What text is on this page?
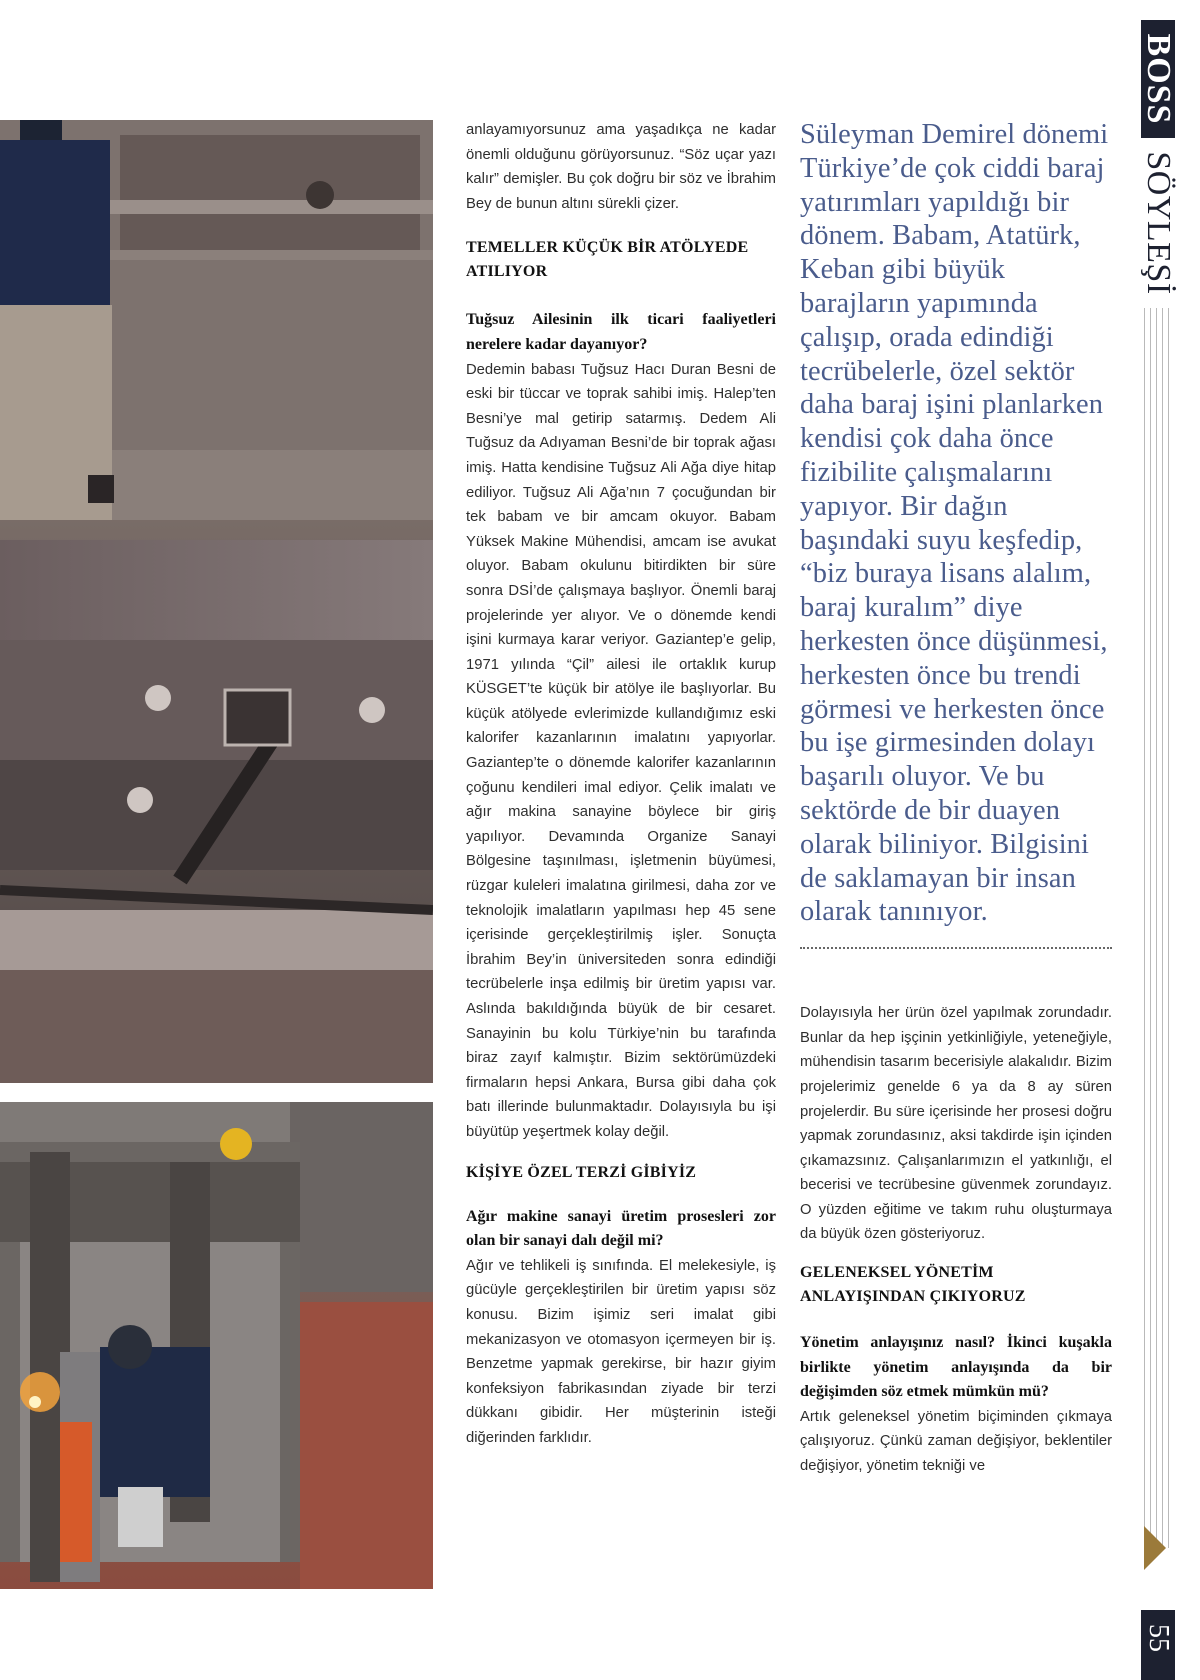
anlayamıyorsunuz ama yaşadıkça ne kadar önemli olduğunu görüyorsunuz. “Söz uçar yazı kalır” demişler. Bu çok doğru bir söz ve İbrahim Bey de bunun altını sürekli çizer.

TEMELLER KÜÇÜK BİR ATÖLYEDE ATILIYOR

Tuğsuz Ailesinin ilk ticari faaliyetleri nerelere kadar dayanıyor?

Dedemin babası Tuğsuz Hacı Duran Besni de eski bir tüccar ve toprak sahibi imiş. Halep’ten Besni’ye mal getirip satarmış. Dedem Ali Tuğsuz da Adıyaman Besni’de bir toprak ağası imiş. Hatta kendisine Tuğsuz Ali Ağa diye hitap ediliyor. Tuğsuz Ali Ağa’nın 7 çocuğundan bir tek babam ve bir amcam okuyor. Babam Yüksek Makine Mühendisi, amcam ise avukat oluyor. Babam okulunu bitirdikten bir süre sonra DSİ’de çalışmaya başlıyor. Önemli baraj projelerinde yer alıyor. Ve o dönemde kendi işini kurmaya karar veriyor. Gaziantep’e gelip, 1971 yılında “Çil” ailesi ile ortaklık kurup KÜSGET’te küçük bir atölye ile başlıyorlar. Bu küçük atölyede evlerimizde kullandığımız eski kalorifer kazanlarının imalatını yapıyorlar. Gaziantep’te o dönemde kalorifer kazanlarının çoğunu kendileri imal ediyor. Çelik imalatı ve ağır makina sanayine böylece bir giriş yapılıyor. Devamında Organize Sanayi Bölgesine taşınılması, işletmenin büyümesi, rüzgar kuleleri imalatına girilmesi, daha zor ve teknolojik imalatların yapılması hep 45 sene içerisinde gerçekleştirilmiş işler. Sonuçta İbrahim Bey’in üniversiteden sonra edindiği tecrübelerle inşa edilmiş bir üretim yapısı var. Aslında bakıldığında büyük de bir cesaret. Sanayinin bu kolu Türkiye’nin bu tarafında biraz zayıf kalmıştır. Bizim sektörümüzdeki firmaların hepsi Ankara, Bursa gibi daha çok batı illerinde bulunmaktadır. Dolayısıyla bu işi büyütüp yeşertmek kolay değil.

KİŞİYE ÖZEL TERZİ GİBİYİZ

Ağır makine sanayi üretim prosesleri zor olan bir sanayi dalı değil mi?

Ağır ve tehlikeli iş sınıfında. El melekesiyle, iş gücüyle gerçekleştirilen bir üretim yapısı söz konusu. Bizim işimiz seri imalat gibi mekanizasyon ve otomasyon içermeyen bir iş. Benzetme yapmak gerekirse, bir hazır giyim konfeksiyon fabrikasından ziyade bir terzi dükkanı gibidir. Her müşterinin isteği diğerinden farklıdır.

Süleyman Demirel dönemi Türkiye’de çok ciddi baraj yatırımları yapıldığı bir dönem. Babam, Atatürk, Keban gibi büyük barajların yapımında çalışıp, orada edindiği tecrübelerle, özel sektör daha baraj işini planlarken kendisi çok daha önce fizibilite çalışmalarını yapıyor. Bir dağın başındaki suyu keşfedip, “biz buraya lisans alalım, baraj kuralım” diye herkesten önce düşünmesi, herkesten önce bu trendi görmesi ve herkesten önce bu işe girmesinden dolayı başarılı oluyor. Ve bu sektörde de bir duayen olarak biliniyor. Bilgisini de saklamayan bir insan olarak tanınıyor.

Dolayısıyla her ürün özel yapılmak zorundadır. Bunlar da hep işçinin yetkinliğiyle, yeteneğiyle, mühendisin tasarım becerisiyle alakalıdır. Bizim projelerimiz genelde 6 ya da 8 ay süren projelerdir. Bu süre içerisinde her prosesi doğru yapmak zorundasınız, aksi takdirde işin içinden çıkamazsınız. Çalışanlarımızın el yatkınlığı, el becerisi ve tecrübesine güvenmek zorundayız. O yüzden eğitime ve takım ruhu oluşturmaya da büyük özen gösteriyoruz.

GELENEKSEL YÖNETİM ANLAYIŞINDAN ÇIKIYORUZ

Yönetim anlayışınız nasıl? İkinci kuşakla birlikte yönetim anlayışında da bir değişimden söz etmek mümkün mü?

Artık geleneksel yönetim biçiminden çıkmaya çalışıyoruz. Çünkü zaman değişiyor, beklentiler değişiyor, yönetim tekniği ve

BOSS
SÖYLEŞİ
55
